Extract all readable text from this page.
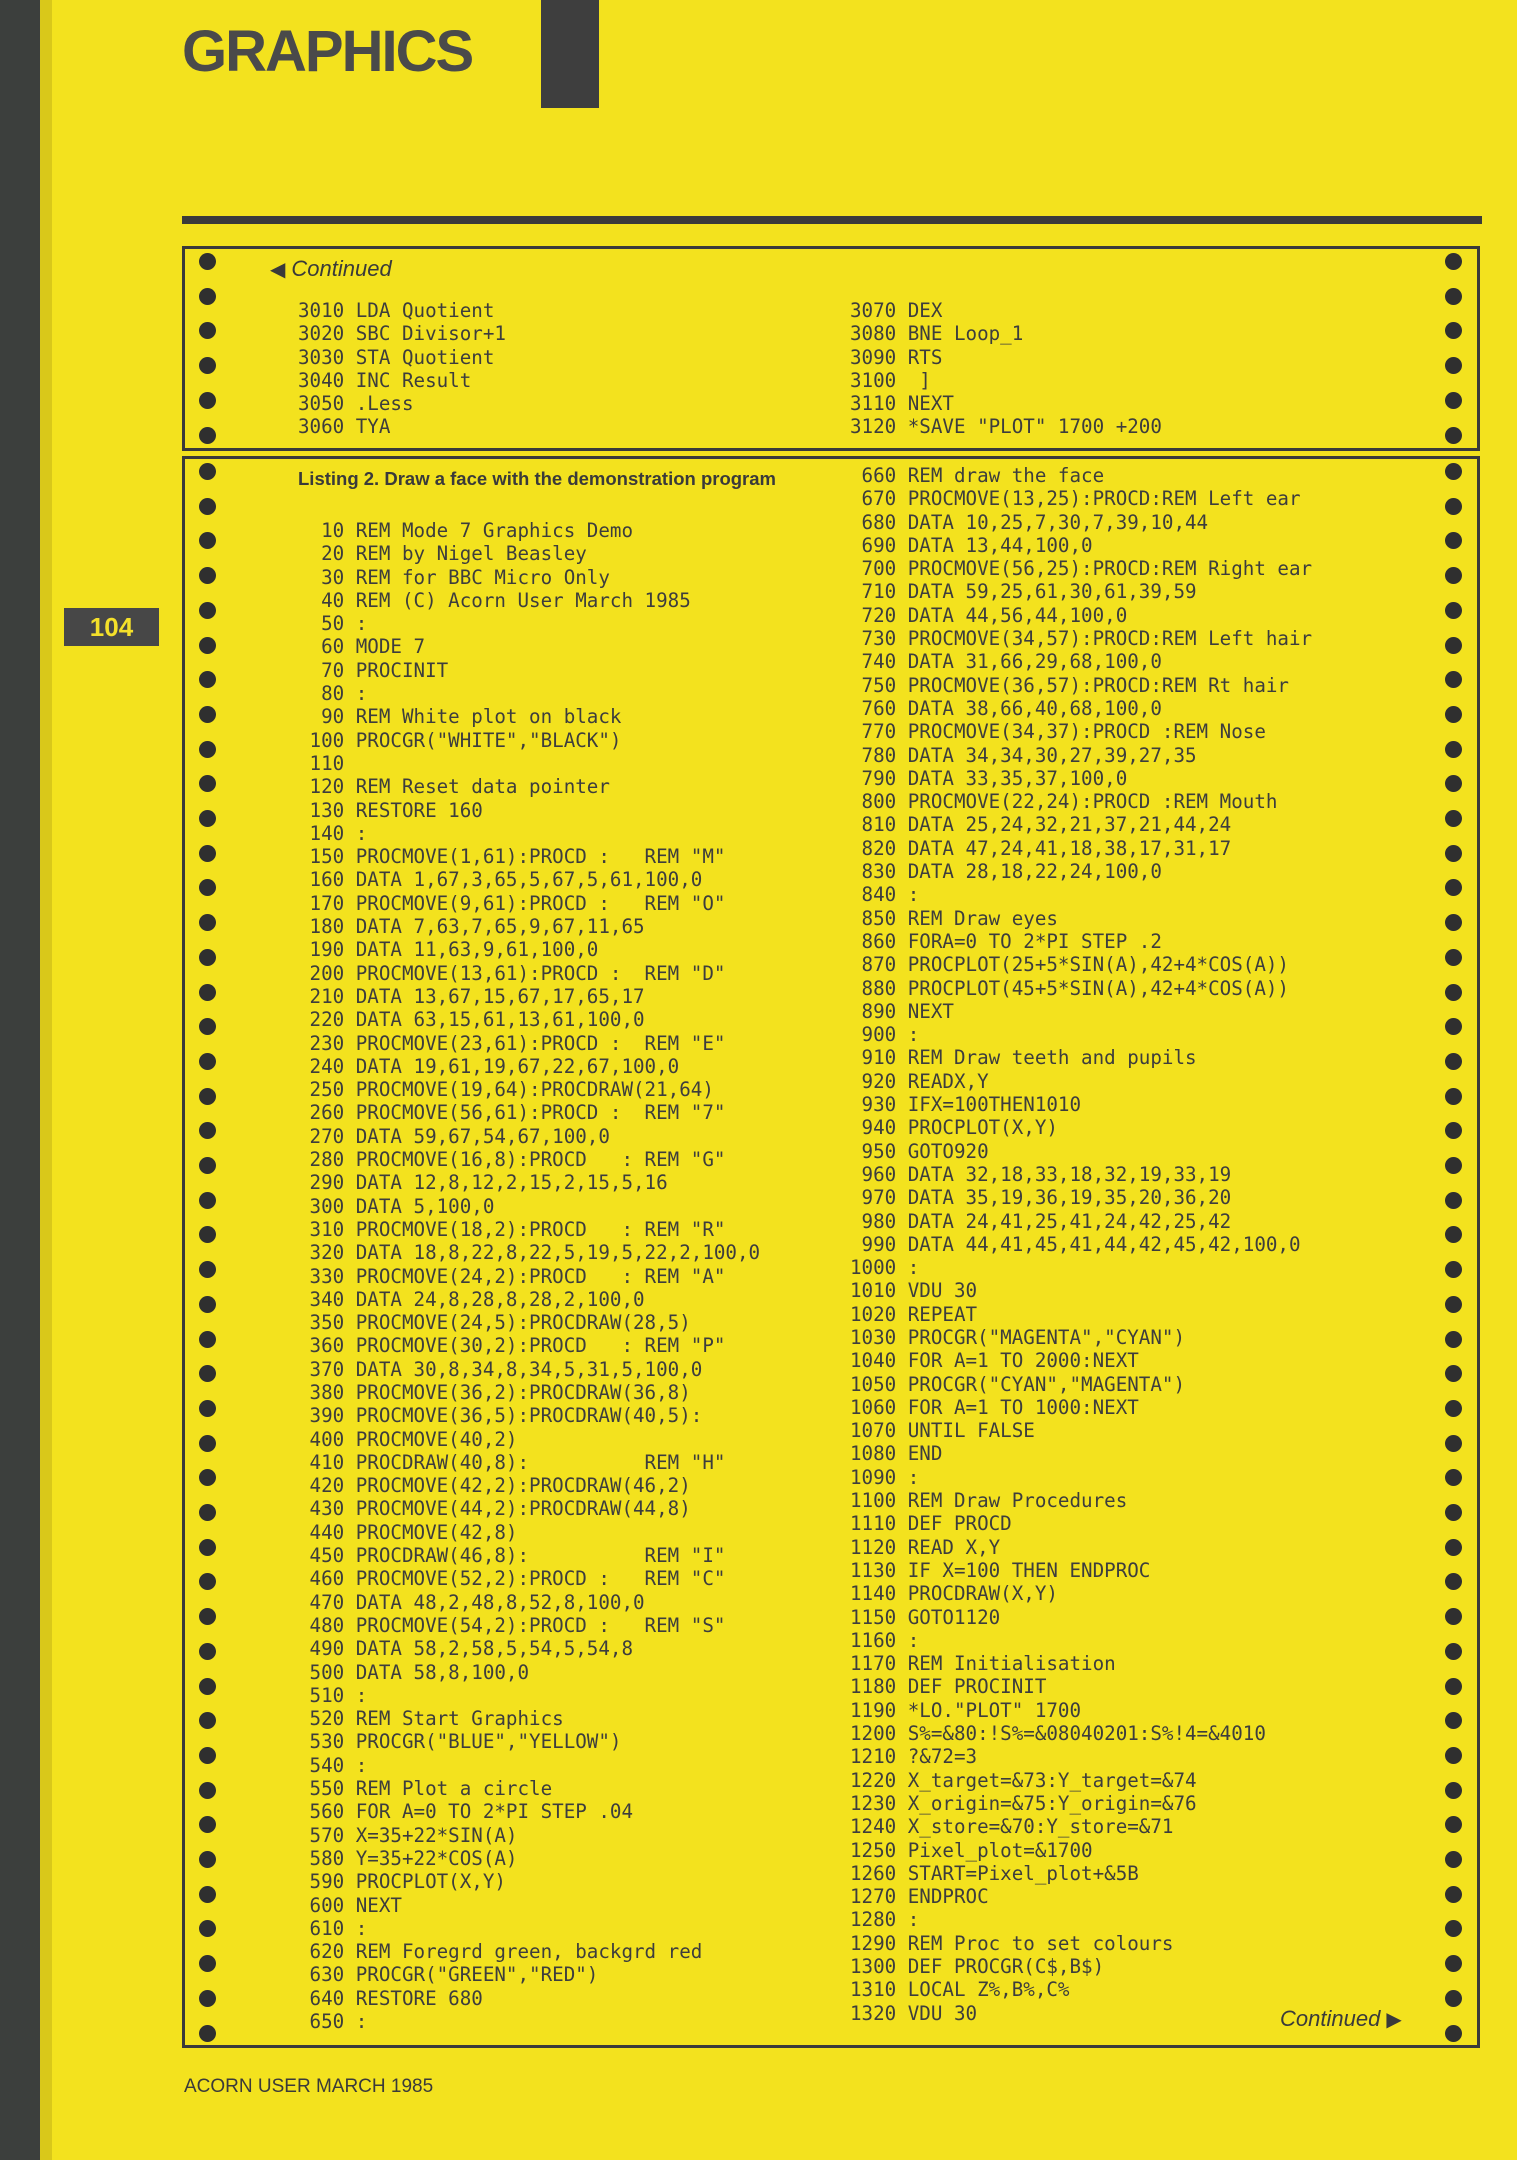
GRAPHICS
104
◀ Continued
3010 LDA Quotient
3020 SBC Divisor+1
3030 STA Quotient
3040 INC Result
3050 .Less
3060 TYA
3070 DEX
3080 BNE Loop_1
3090 RTS
3100  ]
3110 NEXT
3120 *SAVE "PLOT" 1700 +200
Listing 2. Draw a face with the demonstration program
10 REM Mode 7 Graphics Demo
20 REM by Nigel Beasley
30 REM for BBC Micro Only
40 REM (C) Acorn User March 1985
50 :
60 MODE 7
70 PROCINIT
80 :
90 REM White plot on black
100 PROCGR("WHITE","BLACK")
110
120 REM Reset data pointer
130 RESTORE 160
140 :
150 PROCMOVE(1,61):PROCD :   REM "M"
160 DATA 1,67,3,65,5,67,5,61,100,0
170 PROCMOVE(9,61):PROCD :   REM "O"
180 DATA 7,63,7,65,9,67,11,65
190 DATA 11,63,9,61,100,0
200 PROCMOVE(13,61):PROCD :  REM "D"
210 DATA 13,67,15,67,17,65,17
220 DATA 63,15,61,13,61,100,0
230 PROCMOVE(23,61):PROCD :  REM "E"
240 DATA 19,61,19,67,22,67,100,0
250 PROCMOVE(19,64):PROCDRAW(21,64)
260 PROCMOVE(56,61):PROCD :  REM "7"
270 DATA 59,67,54,67,100,0
280 PROCMOVE(16,8):PROCD   : REM "G"
290 DATA 12,8,12,2,15,2,15,5,16
300 DATA 5,100,0
310 PROCMOVE(18,2):PROCD   : REM "R"
320 DATA 18,8,22,8,22,5,19,5,22,2,100,0
330 PROCMOVE(24,2):PROCD   : REM "A"
340 DATA 24,8,28,8,28,2,100,0
350 PROCMOVE(24,5):PROCDRAW(28,5)
360 PROCMOVE(30,2):PROCD   : REM "P"
370 DATA 30,8,34,8,34,5,31,5,100,0
380 PROCMOVE(36,2):PROCDRAW(36,8)
390 PROCMOVE(36,5):PROCDRAW(40,5):
400 PROCMOVE(40,2)
410 PROCDRAW(40,8):          REM "H"
420 PROCMOVE(42,2):PROCDRAW(46,2)
430 PROCMOVE(44,2):PROCDRAW(44,8)
440 PROCMOVE(42,8)
450 PROCDRAW(46,8):          REM "I"
460 PROCMOVE(52,2):PROCD :   REM "C"
470 DATA 48,2,48,8,52,8,100,0
480 PROCMOVE(54,2):PROCD :   REM "S"
490 DATA 58,2,58,5,54,5,54,8
500 DATA 58,8,100,0
510 :
520 REM Start Graphics
530 PROCGR("BLUE","YELLOW")
540 :
550 REM Plot a circle
560 FOR A=0 TO 2*PI STEP .04
570 X=35+22*SIN(A)
580 Y=35+22*COS(A)
590 PROCPLOT(X,Y)
600 NEXT
610 :
620 REM Foregrd green, backgrd red
630 PROCGR("GREEN","RED")
640 RESTORE 680
650 :
660 REM draw the face
670 PROCMOVE(13,25):PROCD:REM Left ear
680 DATA 10,25,7,30,7,39,10,44
690 DATA 13,44,100,0
700 PROCMOVE(56,25):PROCD:REM Right ear
710 DATA 59,25,61,30,61,39,59
720 DATA 44,56,44,100,0
730 PROCMOVE(34,57):PROCD:REM Left hair
740 DATA 31,66,29,68,100,0
750 PROCMOVE(36,57):PROCD:REM Rt hair
760 DATA 38,66,40,68,100,0
770 PROCMOVE(34,37):PROCD :REM Nose
780 DATA 34,34,30,27,39,27,35
790 DATA 33,35,37,100,0
800 PROCMOVE(22,24):PROCD :REM Mouth
810 DATA 25,24,32,21,37,21,44,24
820 DATA 47,24,41,18,38,17,31,17
830 DATA 28,18,22,24,100,0
840 :
850 REM Draw eyes
860 FORA=0 TO 2*PI STEP .2
870 PROCPLOT(25+5*SIN(A),42+4*COS(A))
880 PROCPLOT(45+5*SIN(A),42+4*COS(A))
890 NEXT
900 :
910 REM Draw teeth and pupils
920 READX,Y
930 IFX=100THEN1010
940 PROCPLOT(X,Y)
950 GOTO920
960 DATA 32,18,33,18,32,19,33,19
970 DATA 35,19,36,19,35,20,36,20
980 DATA 24,41,25,41,24,42,25,42
990 DATA 44,41,45,41,44,42,45,42,100,0
1000 :
1010 VDU 30
1020 REPEAT
1030 PROCGR("MAGENTA","CYAN")
1040 FOR A=1 TO 2000:NEXT
1050 PROCGR("CYAN","MAGENTA")
1060 FOR A=1 TO 1000:NEXT
1070 UNTIL FALSE
1080 END
1090 :
1100 REM Draw Procedures
1110 DEF PROCD
1120 READ X,Y
1130 IF X=100 THEN ENDPROC
1140 PROCDRAW(X,Y)
1150 GOTO1120
1160 :
1170 REM Initialisation
1180 DEF PROCINIT
1190 *LO."PLOT" 1700
1200 S%=&80:!S%=&08040201:S%!4=&4010
1210 ?&72=3
1220 X_target=&73:Y_target=&74
1230 X_origin=&75:Y_origin=&76
1240 X_store=&70:Y_store=&71
1250 Pixel_plot=&1700
1260 START=Pixel_plot+&5B
1270 ENDPROC
1280 :
1290 REM Proc to set colours
1300 DEF PROCGR(C$,B$)
1310 LOCAL Z%,B%,C%
1320 VDU 30	Continued ▶
ACORN USER MARCH 1985
